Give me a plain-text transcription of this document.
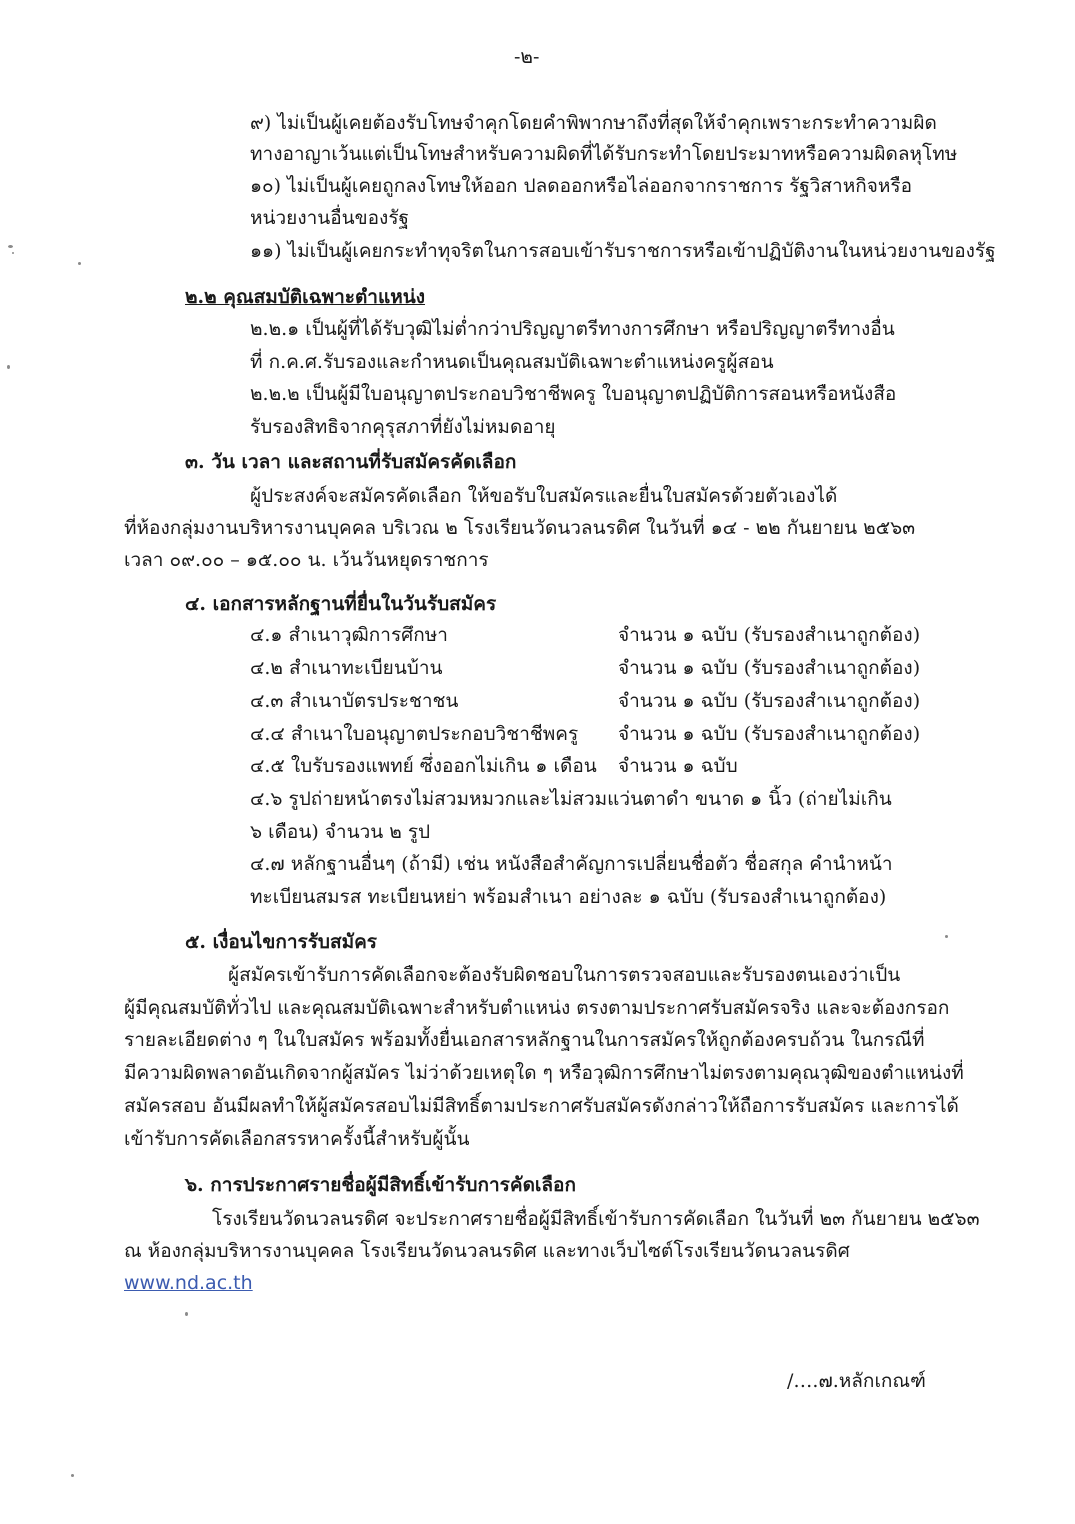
-๒-
๙) ไม่เป็นผู้เคยต้องรับโทษจำคุกโดยคำพิพากษาถึงที่สุดให้จำคุกเพราะกระทำความผิด
ทางอาญาเว้นแต่เป็นโทษสำหรับความผิดที่ได้รับกระทำโดยประมาทหรือความผิดลหุโทษ
๑๐) ไม่เป็นผู้เคยถูกลงโทษให้ออก ปลดออกหรือไล่ออกจากราชการ รัฐวิสาหกิจหรือ
หน่วยงานอื่นของรัฐ
๑๑) ไม่เป็นผู้เคยกระทำทุจริตในการสอบเข้ารับราชการหรือเข้าปฏิบัติงานในหน่วยงานของรัฐ
๒.๒ คุณสมบัติเฉพาะตำแหน่ง
๒.๒.๑ เป็นผู้ที่ได้รับวุฒิไม่ต่ำกว่าปริญญาตรีทางการศึกษา หรือปริญญาตรีทางอื่น
ที่ ก.ค.ศ.รับรองและกำหนดเป็นคุณสมบัติเฉพาะตำแหน่งครูผู้สอน
๒.๒.๒ เป็นผู้มีใบอนุญาตประกอบวิชาชีพครู ใบอนุญาตปฏิบัติการสอนหรือหนังสือ
รับรองสิทธิจากคุรุสภาที่ยังไม่หมดอายุ
๓. วัน เวลา และสถานที่รับสมัครคัดเลือก
ผู้ประสงค์จะสมัครคัดเลือก ให้ขอรับใบสมัครและยื่นใบสมัครด้วยตัวเองได้
ที่ห้องกลุ่มงานบริหารงานบุคคล บริเวณ ๒ โรงเรียนวัดนวลนรดิศ ในวันที่ ๑๔ - ๒๒ กันยายน ๒๕๖๓
เวลา ๐๙.๐๐ – ๑๕.๐๐ น. เว้นวันหยุดราชการ
๔. เอกสารหลักฐานที่ยื่นในวันรับสมัคร
๔.๑ สำเนาวุฒิการศึกษา	จำนวน ๑ ฉบับ (รับรองสำเนาถูกต้อง)
๔.๒ สำเนาทะเบียนบ้าน	จำนวน ๑ ฉบับ (รับรองสำเนาถูกต้อง)
๔.๓ สำเนาบัตรประชาชน	จำนวน ๑ ฉบับ (รับรองสำเนาถูกต้อง)
๔.๔ สำเนาใบอนุญาตประกอบวิชาชีพครู จำนวน ๑ ฉบับ (รับรองสำเนาถูกต้อง)
๔.๕ ใบรับรองแพทย์ ซึ่งออกไม่เกิน ๑ เดือน จำนวน ๑ ฉบับ
๔.๖ รูปถ่ายหน้าตรงไม่สวมหมวกและไม่สวมแว่นตาดำ ขนาด ๑ นิ้ว (ถ่ายไม่เกิน
๖ เดือน) จำนวน ๒ รูป
๔.๗ หลักฐานอื่นๆ (ถ้ามี) เช่น หนังสือสำคัญการเปลี่ยนชื่อตัว ชื่อสกุล คำนำหน้า
ทะเบียนสมรส ทะเบียนหย่า พร้อมสำเนา อย่างละ ๑ ฉบับ (รับรองสำเนาถูกต้อง)
๕. เงื่อนไขการรับสมัคร
ผู้สมัครเข้ารับการคัดเลือกจะต้องรับผิดชอบในการตรวจสอบและรับรองตนเองว่าเป็น
ผู้มีคุณสมบัติทั่วไป และคุณสมบัติเฉพาะสำหรับตำแหน่ง ตรงตามประกาศรับสมัครจริง และจะต้องกรอก
รายละเอียดต่าง ๆ ในใบสมัคร พร้อมทั้งยื่นเอกสารหลักฐานในการสมัครให้ถูกต้องครบถ้วน ในกรณีที่
มีความผิดพลาดอันเกิดจากผู้สมัคร ไม่ว่าด้วยเหตุใด ๆ หรือวุฒิการศึกษาไม่ตรงตามคุณวุฒิของตำแหน่งที่
สมัครสอบ อันมีผลทำให้ผู้สมัครสอบไม่มีสิทธิ์ตามประกาศรับสมัครดังกล่าวให้ถือการรับสมัคร และการได้
เข้ารับการคัดเลือกสรรหาครั้งนี้สำหรับผู้นั้น
๖. การประกาศรายชื่อผู้มีสิทธิ์เข้ารับการคัดเลือก
โรงเรียนวัดนวลนรดิศ จะประกาศรายชื่อผู้มีสิทธิ์เข้ารับการคัดเลือก ในวันที่ ๒๓ กันยายน ๒๕๖๓
ณ ห้องกลุ่มบริหารงานบุคคล โรงเรียนวัดนวลนรดิศ และทางเว็บไซต์โรงเรียนวัดนวลนรดิศ
www.nd.ac.th
/….๗.หลักเกณฑ์
